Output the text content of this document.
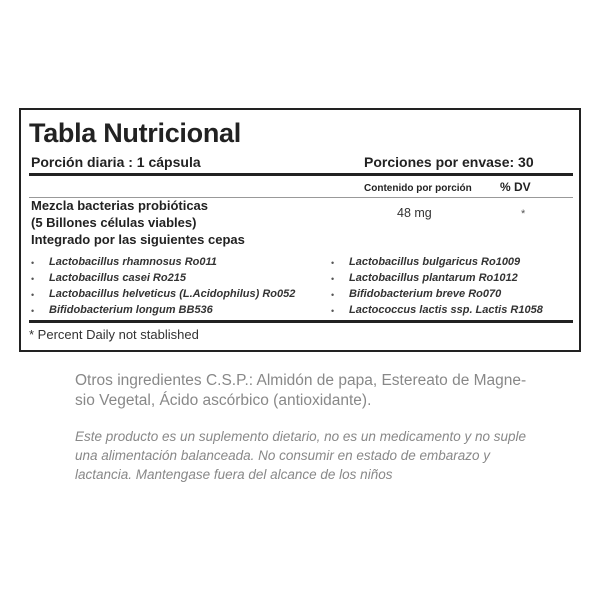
Tabla Nutricional
Porción diaria : 1 cápsula	Porciones por envase: 30
Contenido por porción % DV
Mezcla bacterias probióticas
(5 Billones células viables)
Integrado por las siguientes cepas
48 mg	*
* Percent Daily not stablished
• Lactobacillus rhamnosus Ro011
• Lactobacillus casei Ro215
• Lactobacillus helveticus (L.Acidophilus) Ro052
• Bifidobacterium longum BB536
• Lactobacillus bulgaricus Ro1009
• Lactobacillus plantarum Ro1012
• Bifidobacterium breve Ro070
• Lactococcus lactis ssp. Lactis R1058
Otros ingredientes C.S.P.: Almidón de papa, Estereato de Magne-
sio Vegetal, Ácido ascórbico (antioxidante).
Este producto es un suplemento dietario, no es un medicamento y no suple
una alimentación balanceada. No consumir en estado de embarazo y
lactancia. Mantengase fuera del alcance de los niños
